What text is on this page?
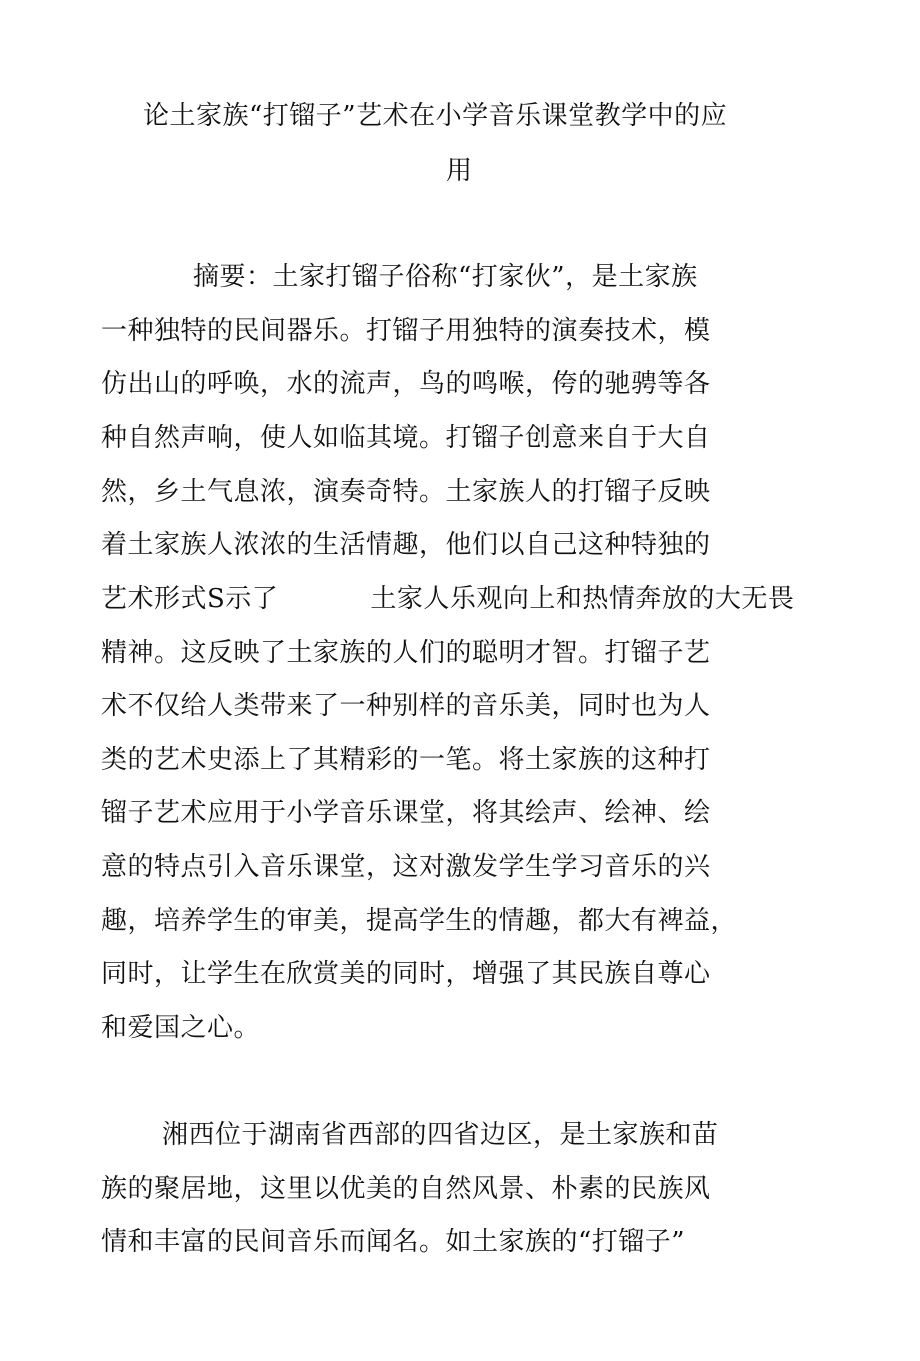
论土家族“打镏子”艺术在小学音乐课堂教学中的应
用
摘要：土家打镏子俗称“打家伙”，是土家族
一种独特的民间器乐。打镏子用独特的演奏技术，模
仿出山的呼唤，水的流声，鸟的鸣喉，侉的驰骋等各
种自然声响，使人如临其境。打镏子创意来自于大自
然，乡土气息浓，演奏奇特。土家族人的打镏子反映
着土家族人浓浓的生活情趣，他们以自己这种特独的
艺术形式S示了	土家人乐观向上和热情奔放的大无畏
精神。这反映了土家族的人们的聪明才智。打镏子艺
术不仅给人类带来了一种别样的音乐美，同时也为人
类的艺术史添上了其精彩的一笔。将土家族的这种打
镏子艺术应用于小学音乐课堂，将其绘声、绘神、绘
意的特点引入音乐课堂，这对激发学生学习音乐的兴
趣，培养学生的审美，提高学生的情趣，都大有裨益，
同时，让学生在欣赏美的同时，增强了其民族自尊心
和爱国之心。
湘西位于湖南省西部的四省边区，是土家族和苗
族的聚居地，这里以优美的自然风景、朴素的民族风
情和丰富的民间音乐而闻名。如土家族的“打镏子”
